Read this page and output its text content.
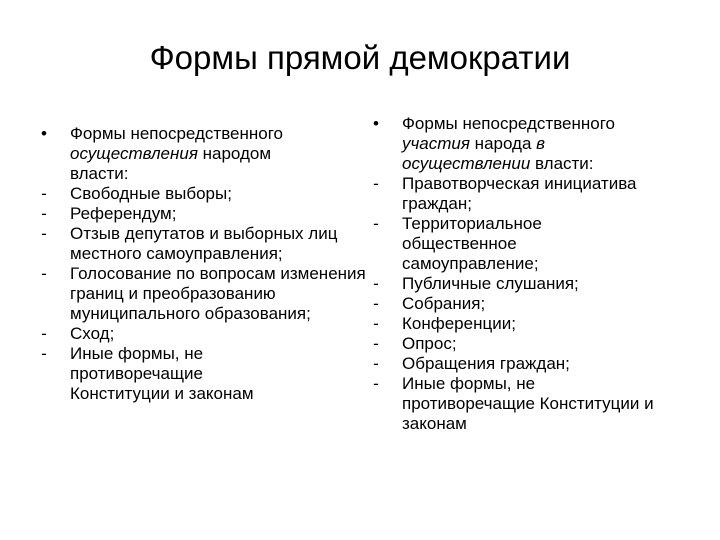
Формы прямой демократии
•	Формы непосредственного осуществления народом власти:
-	Свободные выборы;
-	Референдум;
-	Отзыв депутатов и выборных лиц местного самоуправления;
-	Голосование по вопросам изменения границ и преобразованию муниципального образования;
-	Сход;
-	Иные формы, не противоречащие Конституции и законам
•	Формы непосредственного участия народа в осуществлении власти:
-	Правотворческая инициатива граждан;
-	Территориальное общественное самоуправление;
-	Публичные слушания;
-	Собрания;
-	Конференции;
-	Опрос;
-	Обращения граждан;
-	Иные формы, не противоречащие Конституции и законам
